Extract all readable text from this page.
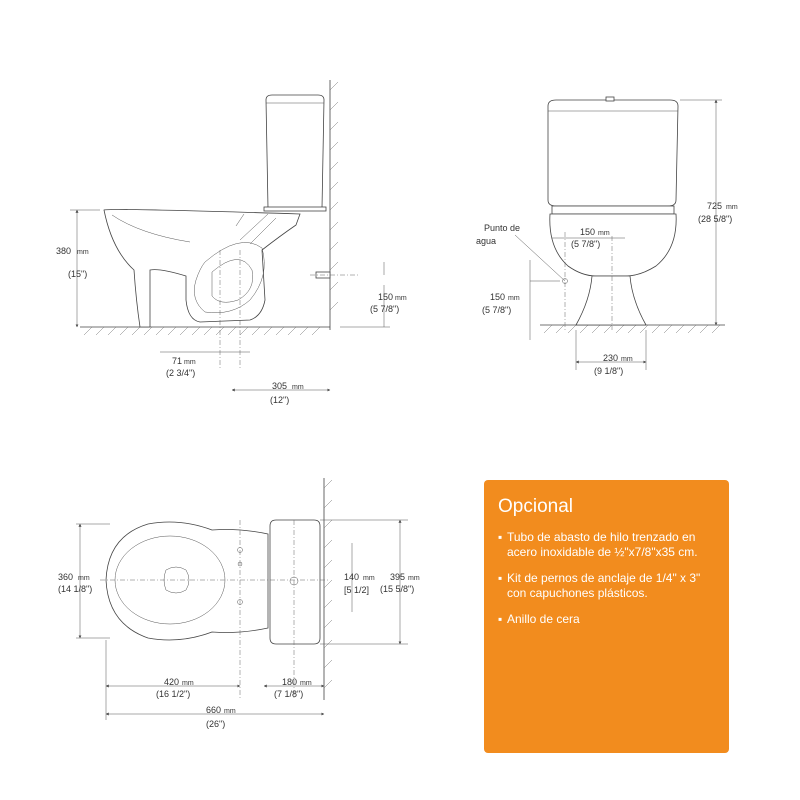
380 mm
(15")
150 mm
(5 7/8")
71 mm
(2 3/4")
305 mm
(12")
Punto de
agua
150 mm
(5 7/8")
150 mm
(5 7/8")
725 mm
(28 5/8")
230 mm
(9 1/8")
360 mm
(14 1/8")
140 mm
[5 1/2]
395 mm
(15 5/8")
420 mm
(16 1/2")
180 mm
(7 1/8")
660 mm
(26")
Opcional
▪ Tubo de abasto de hilo trenzado en
acero inoxidable de ½"x7/8"x35 cm.
▪ Kit de pernos de anclaje de 1/4" x 3"
con capuchones plásticos.
▪ Anillo de cera
